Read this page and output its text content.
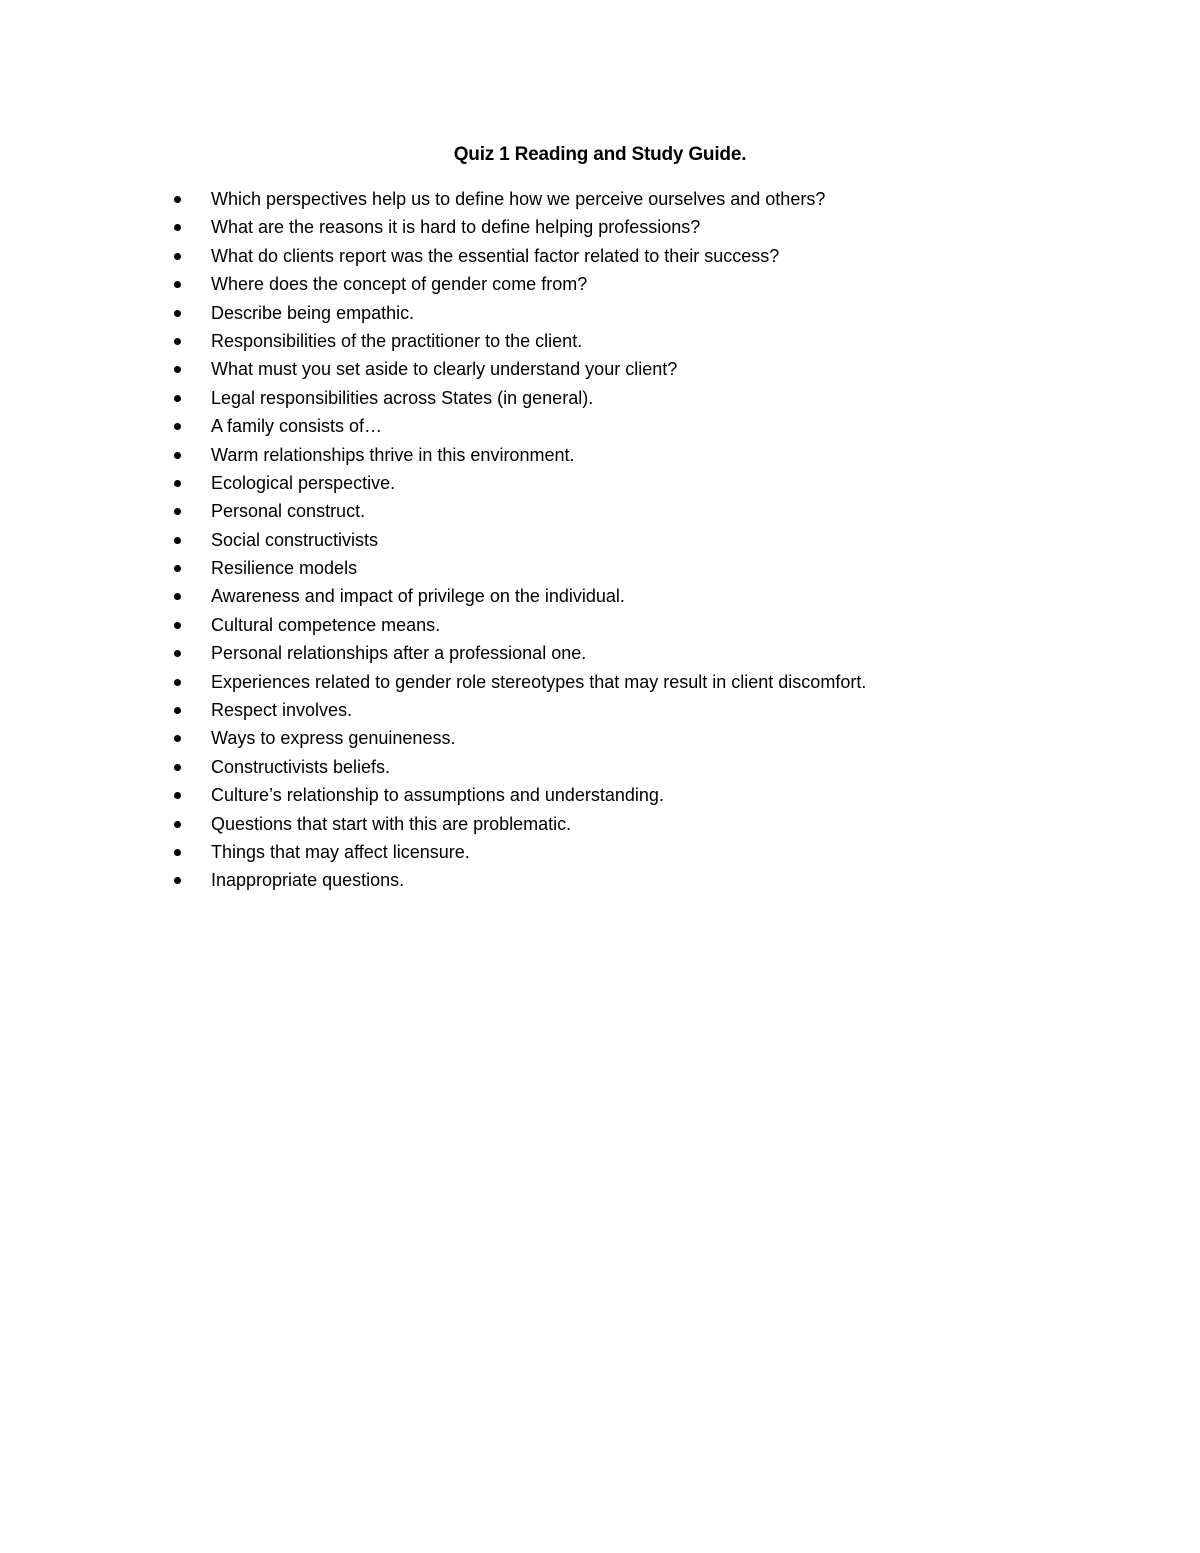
Quiz 1 Reading and Study Guide.
Which perspectives help us to define how we perceive ourselves and others?
What are the reasons it is hard to define helping professions?
What do clients report was the essential factor related to their success?
Where does the concept of gender come from?
Describe being empathic.
Responsibilities of the practitioner to the client.
What must you set aside to clearly understand your client?
Legal responsibilities across States (in general).
A family consists of…
Warm relationships thrive in this environment.
Ecological perspective.
Personal construct.
Social constructivists
Resilience models
Awareness and impact of privilege on the individual.
Cultural competence means.
Personal relationships after a professional one.
Experiences related to gender role stereotypes that may result in client discomfort.
Respect involves.
Ways to express genuineness.
Constructivists beliefs.
Culture’s relationship to assumptions and understanding.
Questions that start with this are problematic.
Things that may affect licensure.
Inappropriate questions.
